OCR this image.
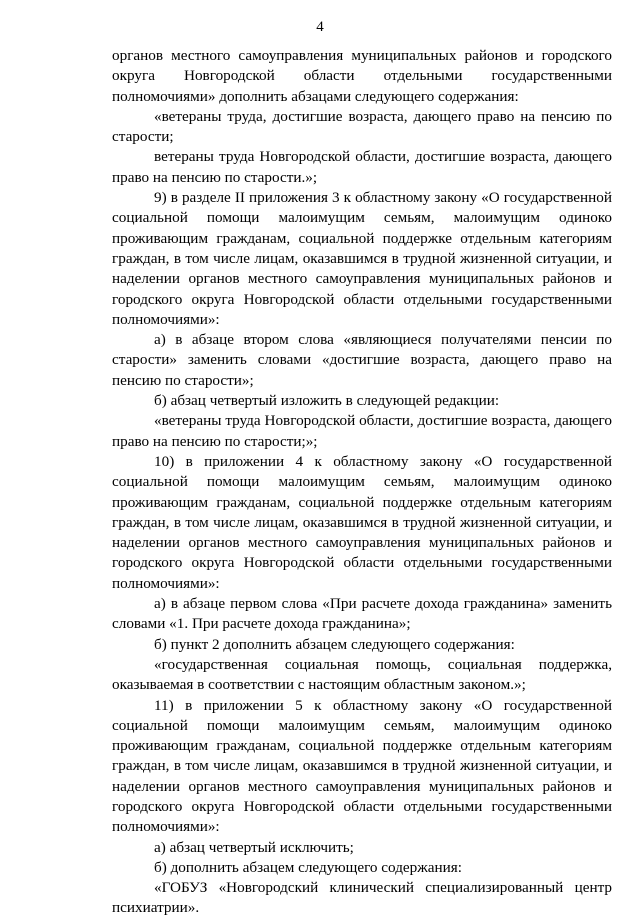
4

органов местного самоуправления муниципальных районов и городского округа Новгородской области отдельными государственными полномочиями» дополнить абзацами следующего содержания:

«ветераны труда, достигшие возраста, дающего право на пенсию по старости;

ветераны труда Новгородской области, достигшие возраста, дающего право на пенсию по старости.»;

9) в разделе II приложения 3 к областному закону «О государственной социальной помощи малоимущим семьям, малоимущим одиноко проживающим гражданам, социальной поддержке отдельным категориям граждан, в том числе лицам, оказавшимся в трудной жизненной ситуации, и наделении органов местного самоуправления муниципальных районов и городского округа Новгородской области отдельными государственными полномочиями»:

а) в абзаце втором слова «являющиеся получателями пенсии по старости» заменить словами «достигшие возраста, дающего право на пенсию по старости»;

б) абзац четвертый изложить в следующей редакции:

«ветераны труда Новгородской области, достигшие возраста, дающего право на пенсию по старости;»;

10) в приложении 4 к областному закону «О государственной социальной помощи малоимущим семьям, малоимущим одиноко проживающим гражданам, социальной поддержке отдельным категориям граждан, в том числе лицам, оказавшимся в трудной жизненной ситуации, и наделении органов местного самоуправления муниципальных районов и городского округа Новгородской области отдельными государственными полномочиями»:

а) в абзаце первом слова «При расчете дохода гражданина» заменить словами «1. При расчете дохода гражданина»;

б) пункт 2 дополнить абзацем следующего содержания:

«государственная социальная помощь, социальная поддержка, оказываемая в соответствии с настоящим областным законом.»;

11) в приложении 5 к областному закону «О государственной социальной помощи малоимущим семьям, малоимущим одиноко проживающим гражданам, социальной поддержке отдельным категориям граждан, в том числе лицам, оказавшимся в трудной жизненной ситуации, и наделении органов местного самоуправления муниципальных районов и городского округа Новгородской области отдельными государственными полномочиями»:

а) абзац четвертый исключить;

б) дополнить абзацем следующего содержания:

«ГОБУЗ «Новгородский клинический специализированный центр психиатрии».
